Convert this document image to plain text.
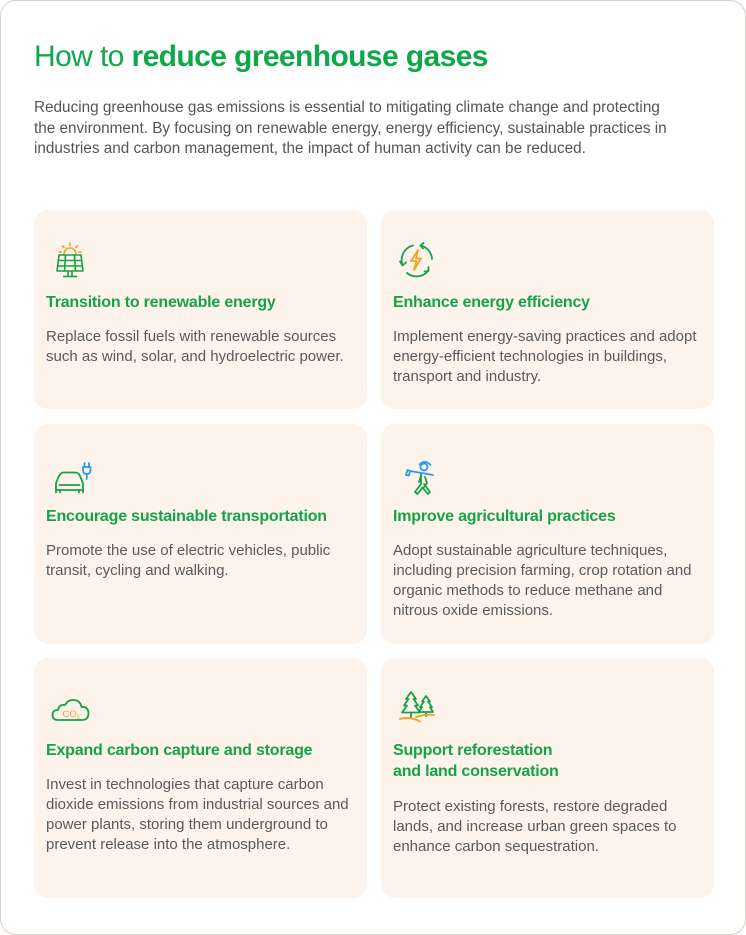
How to reduce greenhouse gases

Reducing greenhouse gas emissions is essential to mitigating climate change and protecting the environment. By focusing on renewable energy, energy efficiency, sustainable practices in industries and carbon management, the impact of human activity can be reduced.

Transition to renewable energy

Replace fossil fuels with renewable sources such as wind, solar, and hydroelectric power.

Enhance energy efficiency

Implement energy-saving practices and adopt energy-efficient technologies in buildings, transport and industry.

Encourage sustainable transportation

Promote the use of electric vehicles, public transit, cycling and walking.

Improve agricultural practices

Adopt sustainable agriculture techniques, including precision farming, crop rotation and organic methods to reduce methane and nitrous oxide emissions.

$CO_2$
Expand carbon capture and storage

Invest in technologies that capture carbon dioxide emissions from industrial sources and power plants, storing them underground to prevent release into the atmosphere.

Support reforestation
and land conservation

Protect existing forests, restore degraded lands, and increase urban green spaces to enhance carbon sequestration.
